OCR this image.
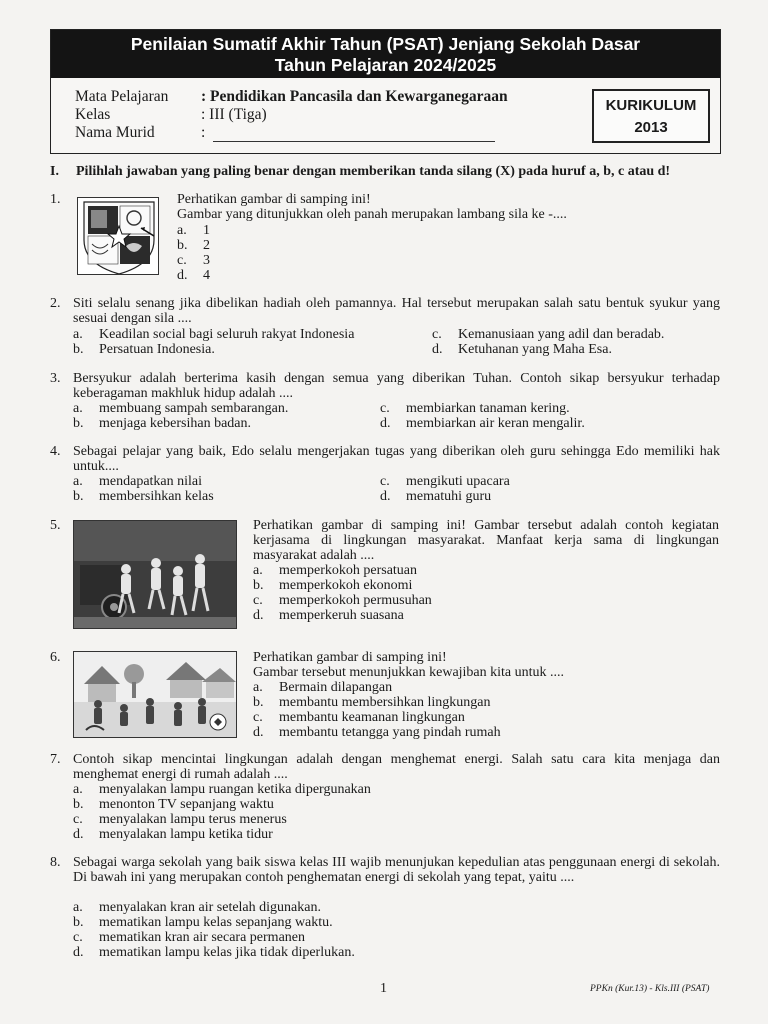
Penilaian Sumatif Akhir Tahun (PSAT) Jenjang Sekolah Dasar
Tahun Pelajaran 2024/2025
Mata Pelajaran : Pendidikan Pancasila dan Kewarganegaraan
Kelas	: III (Tiga)
Nama Murid	:
KURIKULUM
2013
I. Pilihlah jawaban yang paling benar dengan memberikan tanda silang (X) pada huruf a, b, c atau d!
1.	Perhatikan gambar di samping ini!
Gambar yang ditunjukkan oleh panah merupakan lambang sila ke -....
a. 1
b. 2
c. 3
d. 4
2. Siti selalu senang jika dibelikan hadiah oleh pamannya. Hal tersebut merupakan salah satu bentuk syukur yang sesuai dengan sila ....
a. Keadilan social bagi seluruh rakyat Indonesia
b. Persatuan Indonesia.
c. Kemanusiaan yang adil dan beradab.
d. Ketuhanan yang Maha Esa.
3. Bersyukur adalah berterima kasih dengan semua yang diberikan Tuhan. Contoh sikap bersyukur terhadap keberagaman makhluk hidup adalah ....
a. membuang sampah sembarangan.
b. menjaga kebersihan badan.
c. membiarkan tanaman kering.
d. membiarkan air keran mengalir.
4. Sebagai pelajar yang baik, Edo selalu mengerjakan tugas yang diberikan oleh guru sehingga Edo memiliki hak untuk....
a. mendapatkan nilai
b. membersihkan kelas
c. mengikuti upacara
d. mematuhi guru
5.	Perhatikan gambar di samping ini! Gambar tersebut adalah contoh kegiatan kerjasama di lingkungan masyarakat. Manfaat kerja sama di lingkungan masyarakat adalah ....
a. memperkokoh persatuan
b. memperkokoh ekonomi
c. memperkokoh permusuhan
d. memperkeruh suasana
6.	Perhatikan gambar di samping ini!
Gambar tersebut menunjukkan kewajiban kita untuk ....
a. Bermain dilapangan
b. membantu membersihkan lingkungan
c. membantu keamanan lingkungan
d. membantu tetangga yang pindah rumah
7. Contoh sikap mencintai lingkungan adalah dengan menghemat energi. Salah satu cara kita menjaga dan menghemat energi di rumah adalah ....
a. menyalakan lampu ruangan ketika dipergunakan
b. menonton TV sepanjang waktu
c. menyalakan lampu terus menerus
d. menyalakan lampu ketika tidur
8. Sebagai warga sekolah yang baik siswa kelas III wajib menunjukan kepedulian atas penggunaan energi di sekolah. Di bawah ini yang merupakan contoh penghematan energi di sekolah yang tepat, yaitu ....
a. menyalakan kran air setelah digunakan.
b. mematikan lampu kelas sepanjang waktu.
c. mematikan kran air secara permanen
d. mematikan lampu kelas jika tidak diperlukan.
1	PPKn (Kur.13) - Kls.III (PSAT)
